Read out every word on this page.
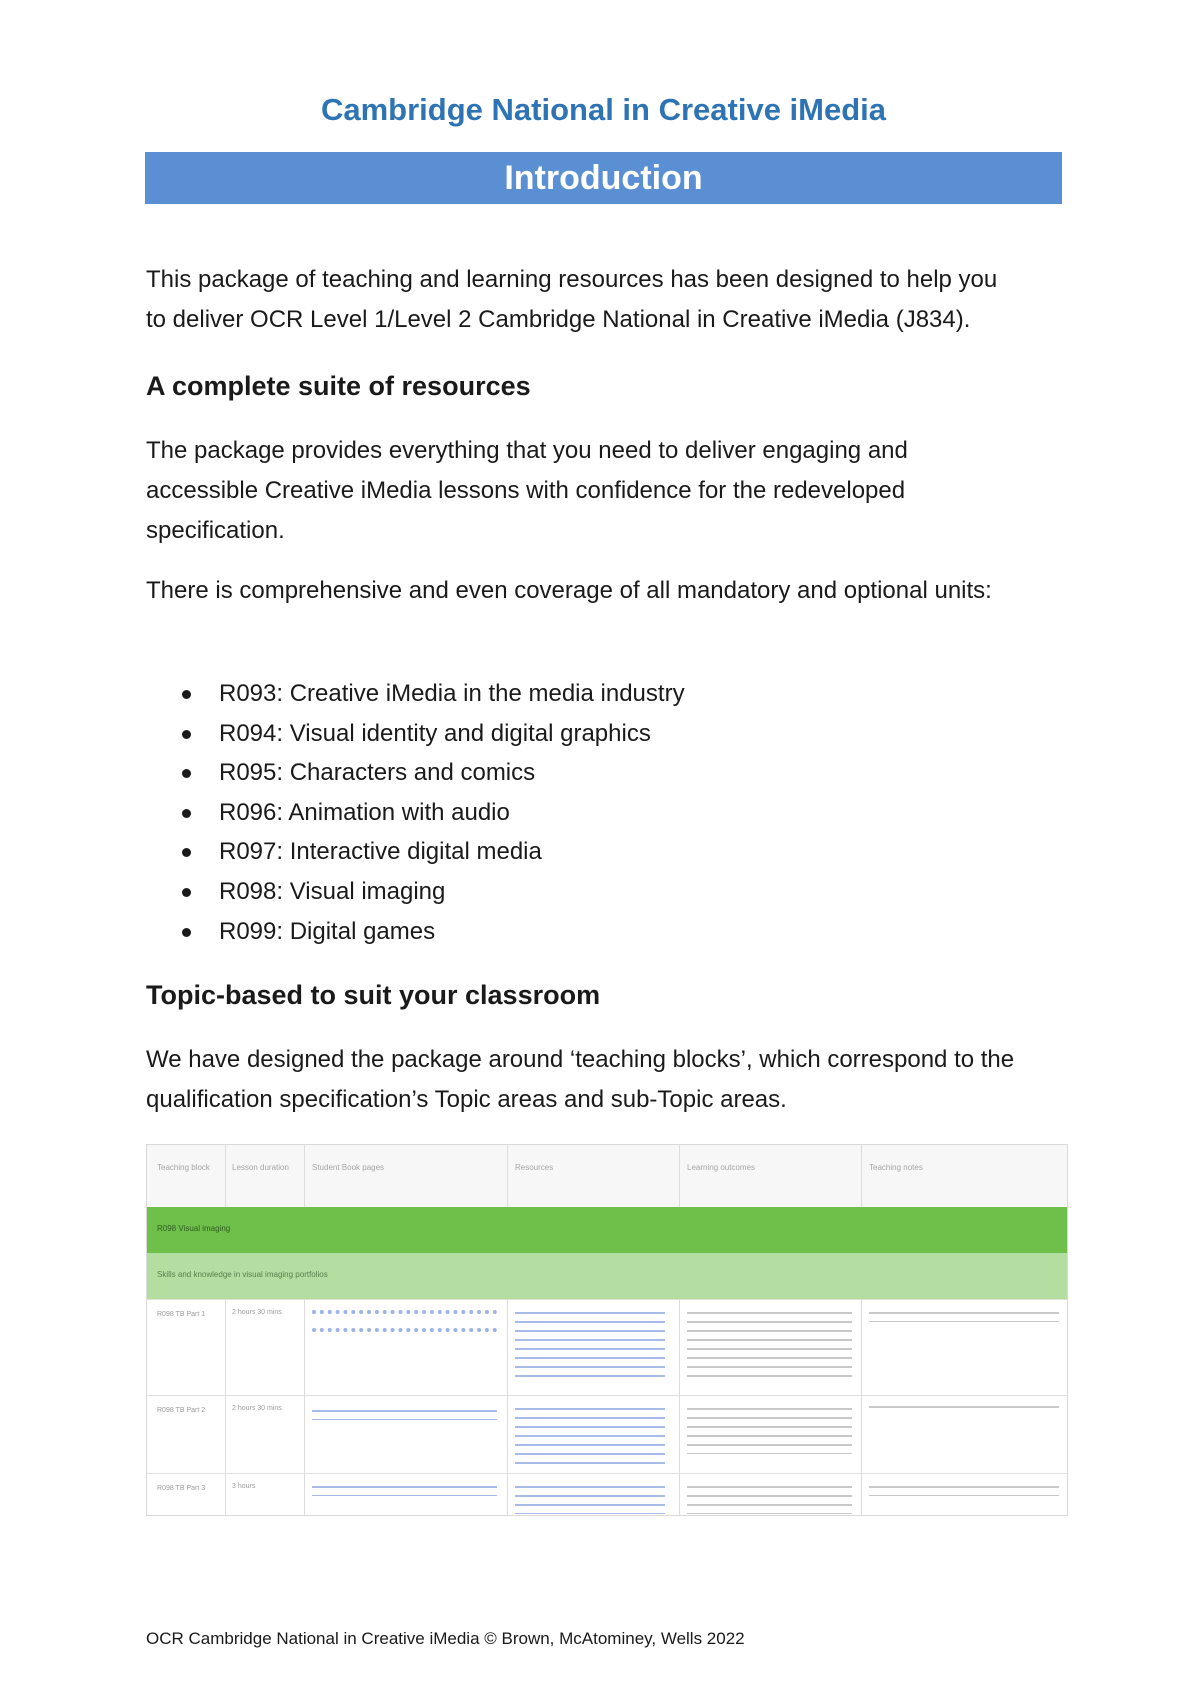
Cambridge National in Creative iMedia
Introduction

This package of teaching and learning resources has been designed to help you

to deliver OCR Level 1/Level 2 Cambridge National in Creative iMedia (J834).

A complete suite of resources

The package provides everything that you need to deliver engaging and accessible Creative iMedia lessons with confidence for the redeveloped specification.

There is comprehensive and even coverage of all mandatory and optional units:

R093: Creative iMedia in the media industry
R094: Visual identity and digital graphics
R095: Characters and comics
R096: Animation with audio
R097: Interactive digital media
R098: Visual imaging
R099: Digital games
Topic-based to suit your classroom

We have designed the package around ‘teaching blocks’, which correspond to the qualification specification’s Topic areas and sub-Topic areas.

Teaching block	Lesson duration	Student Book pages	Resources	Learning outcomes	Teaching notes
R098 Visual imaging
Skills and knowledge in visual imaging portfolios
R098 TB Part 1	2 hours 30 mins
R098 TB Part 2	2 hours 30 mins
R098 TB Part 3	3 hours
OCR Cambridge National in Creative iMedia © Brown, McAtominey, Wells 2022
